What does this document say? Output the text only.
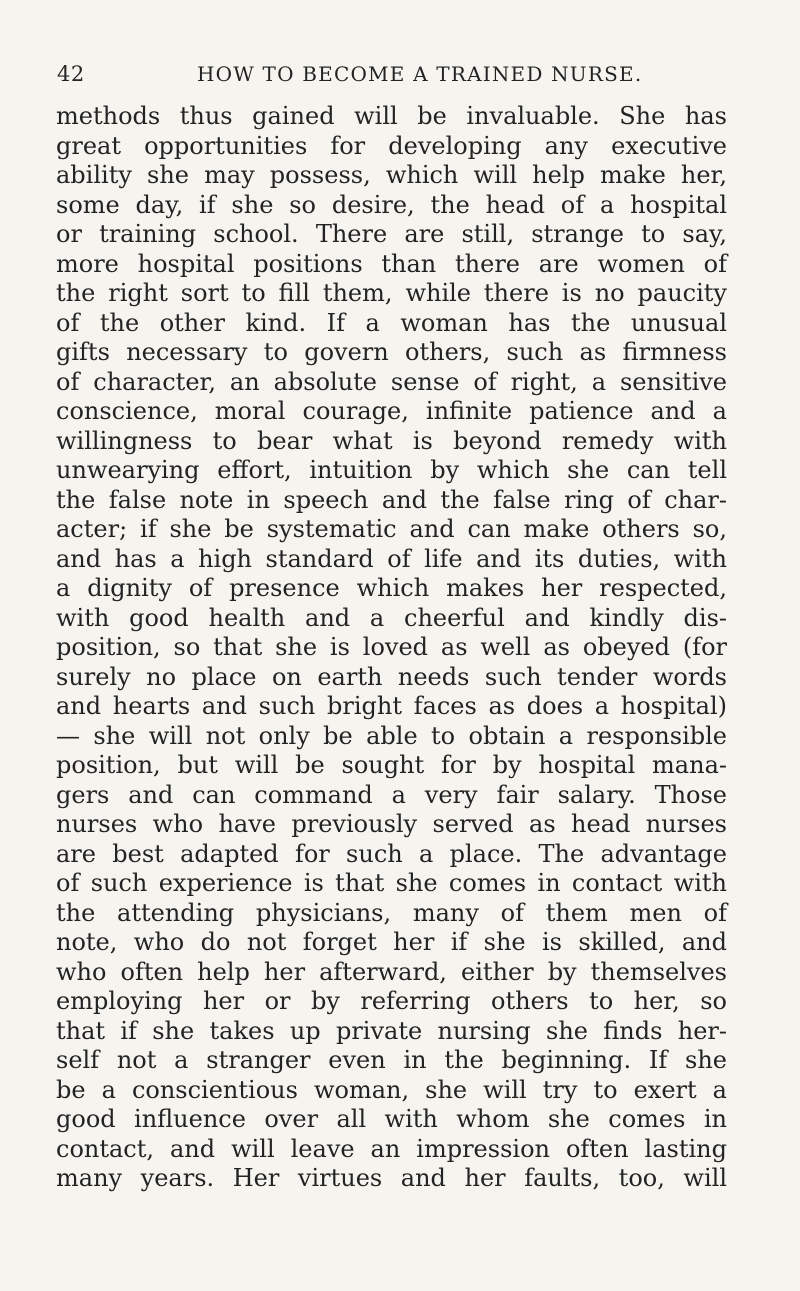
42	HOW TO BECOME A TRAINED NURSE.
methods thus gained will be invaluable. She has
great opportunities for developing any executive
ability she may possess, which will help make her,
some day, if she so desire, the head of a hospital
or training school. There are still, strange to say,
more hospital positions than there are women of
the right sort to fill them, while there is no paucity
of the other kind. If a woman has the unusual
gifts necessary to govern others, such as firmness
of character, an absolute sense of right, a sensitive
conscience, moral courage, infinite patience and a
willingness to bear what is beyond remedy with
unwearying effort, intuition by which she can tell
the false note in speech and the false ring of char-
acter; if she be systematic and can make others so,
and has a high standard of life and its duties, with
a dignity of presence which makes her respected,
with good health and a cheerful and kindly dis-
position, so that she is loved as well as obeyed (for
surely no place on earth needs such tender words
and hearts and such bright faces as does a hospital)
— she will not only be able to obtain a responsible
position, but will be sought for by hospital mana-
gers and can command a very fair salary. Those
nurses who have previously served as head nurses
are best adapted for such a place. The advantage
of such experience is that she comes in contact with
the attending physicians, many of them men of
note, who do not forget her if she is skilled, and
who often help her afterward, either by themselves
employing her or by referring others to her, so
that if she takes up private nursing she finds her-
self not a stranger even in the beginning. If she
be a conscientious woman, she will try to exert a
good influence over all with whom she comes in
contact, and will leave an impression often lasting
many years. Her virtues and her faults, too, will
